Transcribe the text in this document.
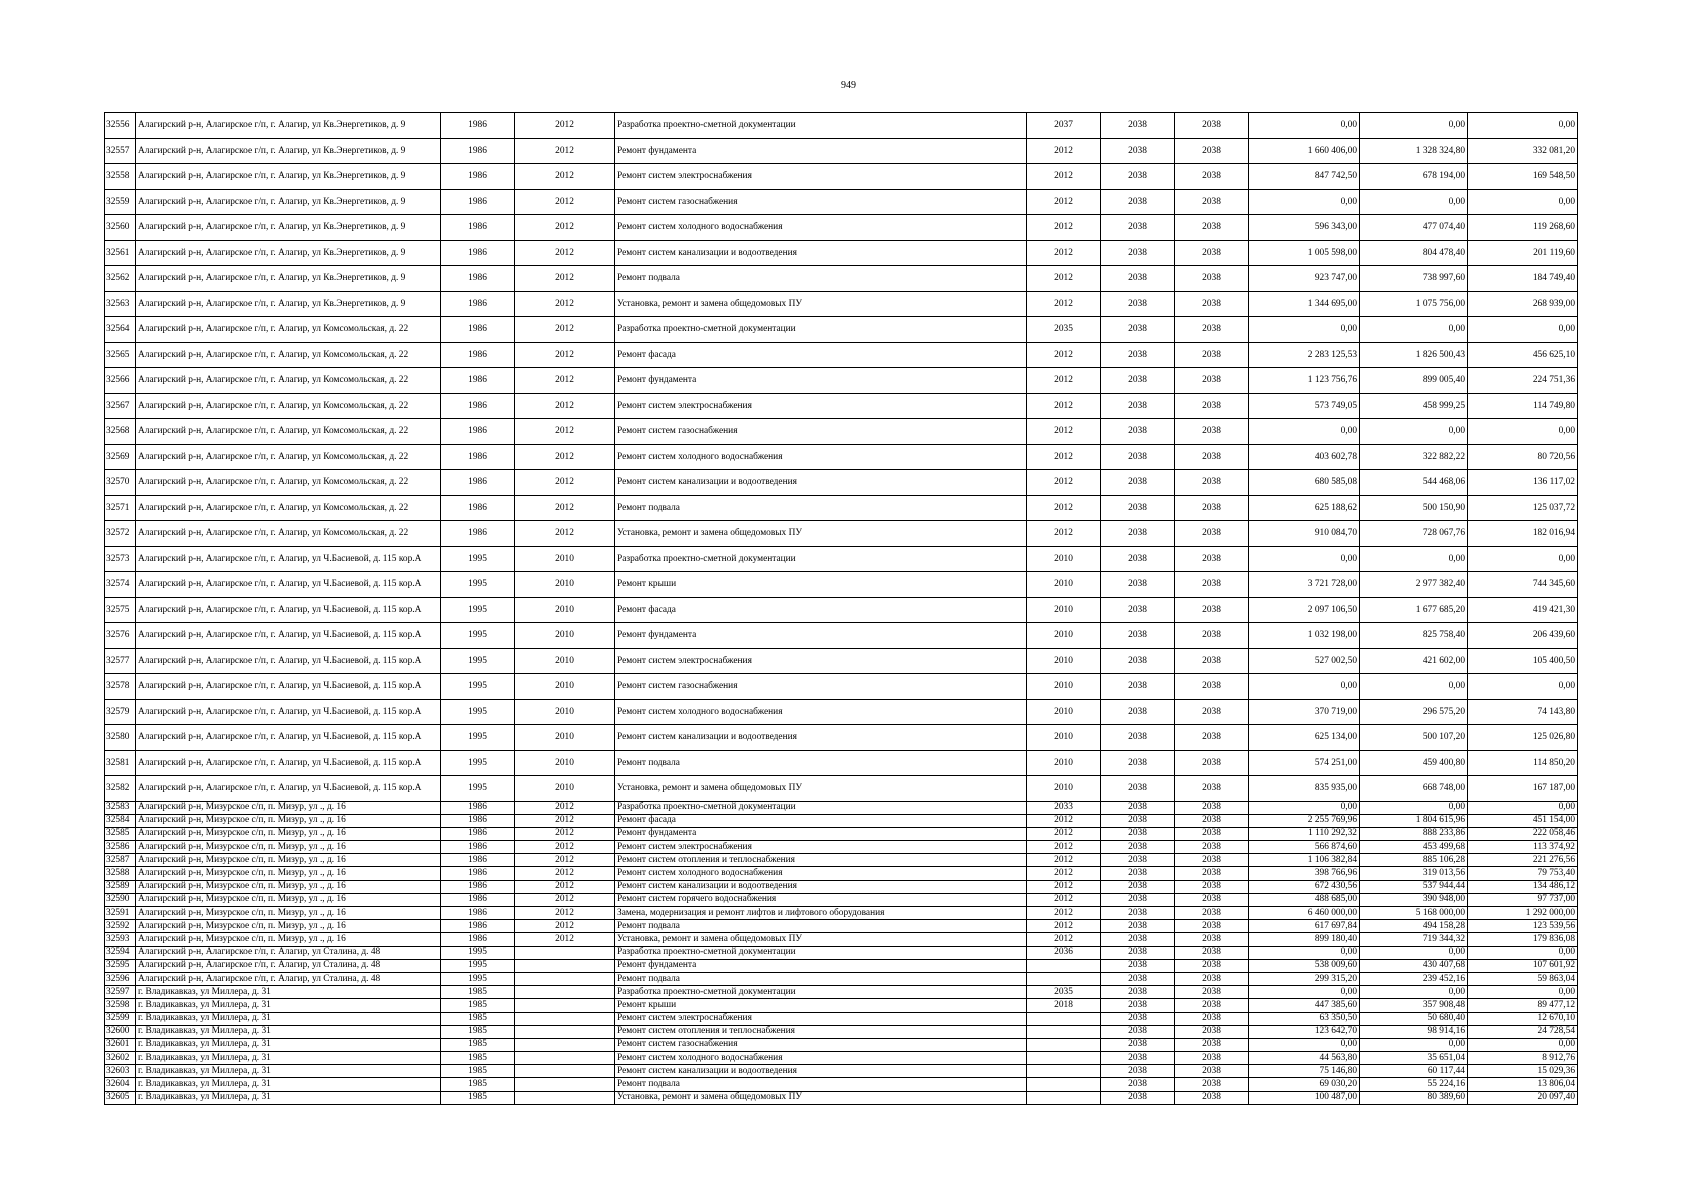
949
32556	Алагирский р-н, Алагирское г/п, г. Алагир, ул Кв.Энергетиков, д. 9	1986	2012	Разработка проектно-сметной документации	2037	2038	2038	0,00	0,00	0,00
32557	Алагирский р-н, Алагирское г/п, г. Алагир, ул Кв.Энергетиков, д. 9	1986	2012	Ремонт фундамента	2012	2038	2038	1 660 406,00	1 328 324,80	332 081,20
32558	Алагирский р-н, Алагирское г/п, г. Алагир, ул Кв.Энергетиков, д. 9	1986	2012	Ремонт систем электроснабжения	2012	2038	2038	847 742,50	678 194,00	169 548,50
32559	Алагирский р-н, Алагирское г/п, г. Алагир, ул Кв.Энергетиков, д. 9	1986	2012	Ремонт систем газоснабжения	2012	2038	2038	0,00	0,00	0,00
32560	Алагирский р-н, Алагирское г/п, г. Алагир, ул Кв.Энергетиков, д. 9	1986	2012	Ремонт систем холодного водоснабжения	2012	2038	2038	596 343,00	477 074,40	119 268,60
32561	Алагирский р-н, Алагирское г/п, г. Алагир, ул Кв.Энергетиков, д. 9	1986	2012	Ремонт систем канализации и водоотведения	2012	2038	2038	1 005 598,00	804 478,40	201 119,60
32562	Алагирский р-н, Алагирское г/п, г. Алагир, ул Кв.Энергетиков, д. 9	1986	2012	Ремонт подвала	2012	2038	2038	923 747,00	738 997,60	184 749,40
32563	Алагирский р-н, Алагирское г/п, г. Алагир, ул Кв.Энергетиков, д. 9	1986	2012	Установка, ремонт и замена общедомовых ПУ	2012	2038	2038	1 344 695,00	1 075 756,00	268 939,00
32564	Алагирский р-н, Алагирское г/п, г. Алагир, ул Комсомольская, д. 22	1986	2012	Разработка проектно-сметной документации	2035	2038	2038	0,00	0,00	0,00
32565	Алагирский р-н, Алагирское г/п, г. Алагир, ул Комсомольская, д. 22	1986	2012	Ремонт фасада	2012	2038	2038	2 283 125,53	1 826 500,43	456 625,10
32566	Алагирский р-н, Алагирское г/п, г. Алагир, ул Комсомольская, д. 22	1986	2012	Ремонт фундамента	2012	2038	2038	1 123 756,76	899 005,40	224 751,36
32567	Алагирский р-н, Алагирское г/п, г. Алагир, ул Комсомольская, д. 22	1986	2012	Ремонт систем электроснабжения	2012	2038	2038	573 749,05	458 999,25	114 749,80
32568	Алагирский р-н, Алагирское г/п, г. Алагир, ул Комсомольская, д. 22	1986	2012	Ремонт систем газоснабжения	2012	2038	2038	0,00	0,00	0,00
32569	Алагирский р-н, Алагирское г/п, г. Алагир, ул Комсомольская, д. 22	1986	2012	Ремонт систем холодного водоснабжения	2012	2038	2038	403 602,78	322 882,22	80 720,56
32570	Алагирский р-н, Алагирское г/п, г. Алагир, ул Комсомольская, д. 22	1986	2012	Ремонт систем канализации и водоотведения	2012	2038	2038	680 585,08	544 468,06	136 117,02
32571	Алагирский р-н, Алагирское г/п, г. Алагир, ул Комсомольская, д. 22	1986	2012	Ремонт подвала	2012	2038	2038	625 188,62	500 150,90	125 037,72
32572	Алагирский р-н, Алагирское г/п, г. Алагир, ул Комсомольская, д. 22	1986	2012	Установка, ремонт и замена общедомовых ПУ	2012	2038	2038	910 084,70	728 067,76	182 016,94
32573	Алагирский р-н, Алагирское г/п, г. Алагир, ул Ч.Басиевой, д. 115 кор.А	1995	2010	Разработка проектно-сметной документации	2010	2038	2038	0,00	0,00	0,00
32574	Алагирский р-н, Алагирское г/п, г. Алагир, ул Ч.Басиевой, д. 115 кор.А	1995	2010	Ремонт крыши	2010	2038	2038	3 721 728,00	2 977 382,40	744 345,60
32575	Алагирский р-н, Алагирское г/п, г. Алагир, ул Ч.Басиевой, д. 115 кор.А	1995	2010	Ремонт фасада	2010	2038	2038	2 097 106,50	1 677 685,20	419 421,30
32576	Алагирский р-н, Алагирское г/п, г. Алагир, ул Ч.Басиевой, д. 115 кор.А	1995	2010	Ремонт фундамента	2010	2038	2038	1 032 198,00	825 758,40	206 439,60
32577	Алагирский р-н, Алагирское г/п, г. Алагир, ул Ч.Басиевой, д. 115 кор.А	1995	2010	Ремонт систем электроснабжения	2010	2038	2038	527 002,50	421 602,00	105 400,50
32578	Алагирский р-н, Алагирское г/п, г. Алагир, ул Ч.Басиевой, д. 115 кор.А	1995	2010	Ремонт систем газоснабжения	2010	2038	2038	0,00	0,00	0,00
32579	Алагирский р-н, Алагирское г/п, г. Алагир, ул Ч.Басиевой, д. 115 кор.А	1995	2010	Ремонт систем холодного водоснабжения	2010	2038	2038	370 719,00	296 575,20	74 143,80
32580	Алагирский р-н, Алагирское г/п, г. Алагир, ул Ч.Басиевой, д. 115 кор.А	1995	2010	Ремонт систем канализации и водоотведения	2010	2038	2038	625 134,00	500 107,20	125 026,80
32581	Алагирский р-н, Алагирское г/п, г. Алагир, ул Ч.Басиевой, д. 115 кор.А	1995	2010	Ремонт подвала	2010	2038	2038	574 251,00	459 400,80	114 850,20
32582	Алагирский р-н, Алагирское г/п, г. Алагир, ул Ч.Басиевой, д. 115 кор.А	1995	2010	Установка, ремонт и замена общедомовых ПУ	2010	2038	2038	835 935,00	668 748,00	167 187,00
32583	Алагирский р-н, Мизурское с/п, п. Мизур, ул ., д. 16	1986	2012	Разработка проектно-сметной документации	2033	2038	2038	0,00	0,00	0,00
32584	Алагирский р-н, Мизурское с/п, п. Мизур, ул ., д. 16	1986	2012	Ремонт фасада	2012	2038	2038	2 255 769,96	1 804 615,96	451 154,00
32585	Алагирский р-н, Мизурское с/п, п. Мизур, ул ., д. 16	1986	2012	Ремонт фундамента	2012	2038	2038	1 110 292,32	888 233,86	222 058,46
32586	Алагирский р-н, Мизурское с/п, п. Мизур, ул ., д. 16	1986	2012	Ремонт систем электроснабжения	2012	2038	2038	566 874,60	453 499,68	113 374,92
32587	Алагирский р-н, Мизурское с/п, п. Мизур, ул ., д. 16	1986	2012	Ремонт систем отопления и теплоснабжения	2012	2038	2038	1 106 382,84	885 106,28	221 276,56
32588	Алагирский р-н, Мизурское с/п, п. Мизур, ул ., д. 16	1986	2012	Ремонт систем холодного водоснабжения	2012	2038	2038	398 766,96	319 013,56	79 753,40
32589	Алагирский р-н, Мизурское с/п, п. Мизур, ул ., д. 16	1986	2012	Ремонт систем канализации и водоотведения	2012	2038	2038	672 430,56	537 944,44	134 486,12
32590	Алагирский р-н, Мизурское с/п, п. Мизур, ул ., д. 16	1986	2012	Ремонт систем горячего водоснабжения	2012	2038	2038	488 685,00	390 948,00	97 737,00
32591	Алагирский р-н, Мизурское с/п, п. Мизур, ул ., д. 16	1986	2012	Замена, модернизация и ремонт лифтов и лифтового оборудования	2012	2038	2038	6 460 000,00	5 168 000,00	1 292 000,00
32592	Алагирский р-н, Мизурское с/п, п. Мизур, ул ., д. 16	1986	2012	Ремонт подвала	2012	2038	2038	617 697,84	494 158,28	123 539,56
32593	Алагирский р-н, Мизурское с/п, п. Мизур, ул ., д. 16	1986	2012	Установка, ремонт и замена общедомовых ПУ	2012	2038	2038	899 180,40	719 344,32	179 836,08
32594	Алагирский р-н, Алагирское г/п, г. Алагир, ул Сталина, д. 48	1995		Разработка проектно-сметной документации	2036	2038	2038	0,00	0,00	0,00
32595	Алагирский р-н, Алагирское г/п, г. Алагир, ул Сталина, д. 48	1995		Ремонт фундамента		2038	2038	538 009,60	430 407,68	107 601,92
32596	Алагирский р-н, Алагирское г/п, г. Алагир, ул Сталина, д. 48	1995		Ремонт подвала		2038	2038	299 315,20	239 452,16	59 863,04
32597	г. Владикавказ, ул Миллера, д. 31	1985		Разработка проектно-сметной документации	2035	2038	2038	0,00	0,00	0,00
32598	г. Владикавказ, ул Миллера, д. 31	1985		Ремонт крыши	2018	2038	2038	447 385,60	357 908,48	89 477,12
32599	г. Владикавказ, ул Миллера, д. 31	1985		Ремонт систем электроснабжения		2038	2038	63 350,50	50 680,40	12 670,10
32600	г. Владикавказ, ул Миллера, д. 31	1985		Ремонт систем отопления и теплоснабжения		2038	2038	123 642,70	98 914,16	24 728,54
32601	г. Владикавказ, ул Миллера, д. 31	1985		Ремонт систем газоснабжения		2038	2038	0,00	0,00	0,00
32602	г. Владикавказ, ул Миллера, д. 31	1985		Ремонт систем холодного водоснабжения		2038	2038	44 563,80	35 651,04	8 912,76
32603	г. Владикавказ, ул Миллера, д. 31	1985		Ремонт систем канализации и водоотведения		2038	2038	75 146,80	60 117,44	15 029,36
32604	г. Владикавказ, ул Миллера, д. 31	1985		Ремонт подвала		2038	2038	69 030,20	55 224,16	13 806,04
32605	г. Владикавказ, ул Миллера, д. 31	1985		Установка, ремонт и замена общедомовых ПУ		2038	2038	100 487,00	80 389,60	20 097,40
